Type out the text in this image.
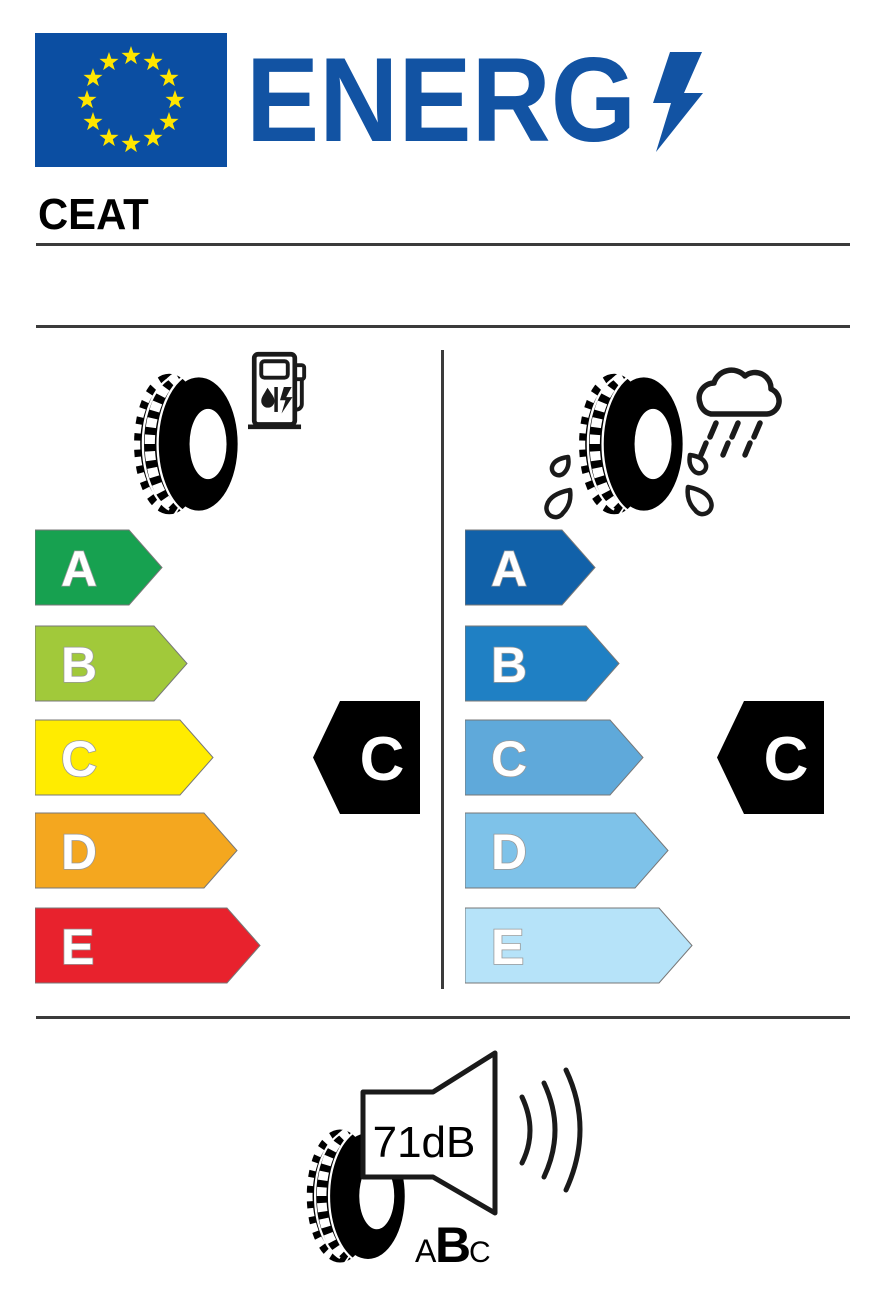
ENERG
CEAT
A
B
C
D
E
A
B
C
D
E
C	C
71dB
A
B
C
